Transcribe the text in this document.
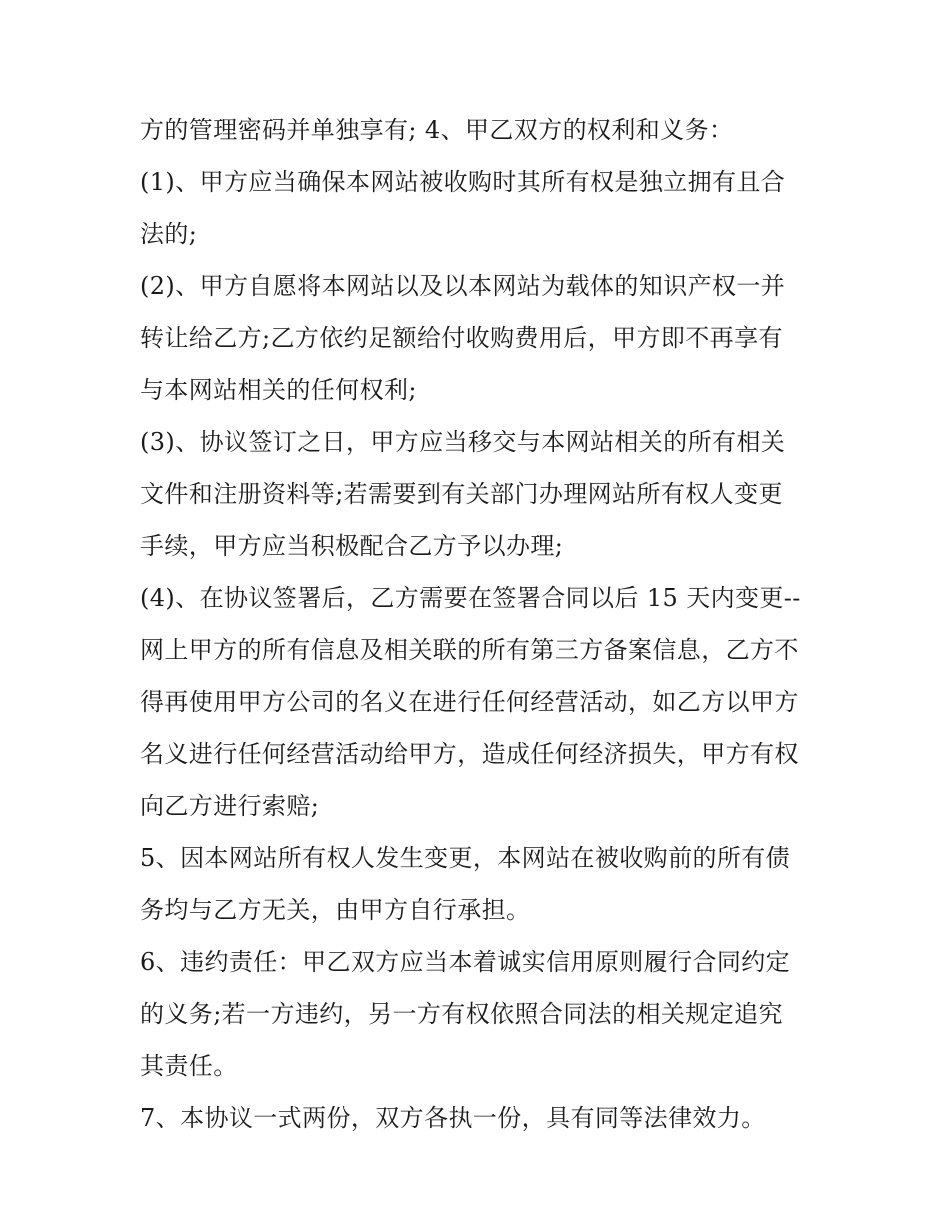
方的管理密码并单独享有; 4、甲乙双方的权利和义务：
(1)、甲方应当确保本网站被收购时其所有权是独立拥有且合
法的;
(2)、甲方自愿将本网站以及以本网站为载体的知识产权一并
转让给乙方;乙方依约足额给付收购费用后，甲方即不再享有
与本网站相关的任何权利;
(3)、协议签订之日，甲方应当移交与本网站相关的所有相关
文件和注册资料等;若需要到有关部门办理网站所有权人变更
手续，甲方应当积极配合乙方予以办理;
(4)、在协议签署后，乙方需要在签署合同以后 15 天内变更--
网上甲方的所有信息及相关联的所有第三方备案信息，乙方不
得再使用甲方公司的名义在进行任何经营活动，如乙方以甲方
名义进行任何经营活动给甲方，造成任何经济损失，甲方有权
向乙方进行索赔;
5、因本网站所有权人发生变更，本网站在被收购前的所有债
务均与乙方无关，由甲方自行承担。
6、违约责任：甲乙双方应当本着诚实信用原则履行合同约定
的义务;若一方违约，另一方有权依照合同法的相关规定追究
其责任。
7、本协议一式两份，双方各执一份，具有同等法律效力。
